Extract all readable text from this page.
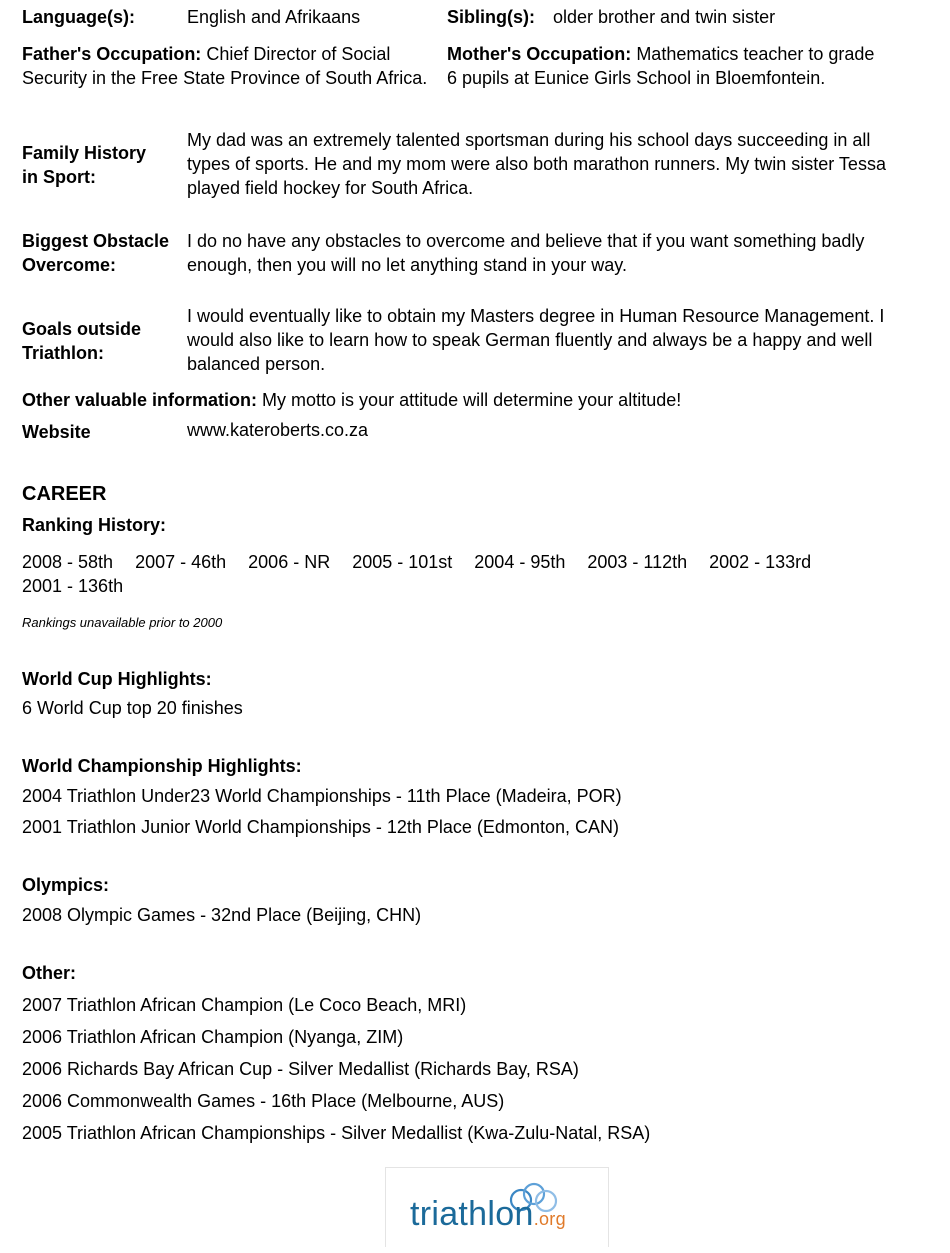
Language(s):	English and Afrikaans	Sibling(s): older brother and twin sister
Father's Occupation: Chief Director of Social Security in the Free State Province of South Africa.
Mother's Occupation: Mathematics teacher to grade 6 pupils at Eunice Girls School in Bloemfontein.
Family History
in Sport:
My dad was an extremely talented sportsman during his school days succeeding in all types of sports. He and my mom were also both marathon runners. My twin sister Tessa played field hockey for South Africa.
Biggest Obstacle
Overcome:
I do no have any obstacles to overcome and believe that if you want something badly enough, then you will no let anything stand in your way.
Goals outside
Triathlon:
I would eventually like to obtain my Masters degree in Human Resource Management. I would also like to learn how to speak German fluently and always be a happy and well balanced person.
Other valuable information: My motto is your attitude will determine your altitude!
Website	www.kateroberts.co.za
CAREER
Ranking History:
2008 - 58th 2007 - 46th 2006 - NR 2005 - 101st 2004 - 95th 2003 - 112th 2002 - 133rd
2001 - 136th
Rankings unavailable prior to 2000
World Cup Highlights:
6 World Cup top 20 finishes
World Championship Highlights:
2004 Triathlon Under23 World Championships - 11th Place (Madeira, POR)
2001 Triathlon Junior World Championships - 12th Place (Edmonton, CAN)
Olympics:
2008 Olympic Games - 32nd Place (Beijing, CHN)
Other:
2007 Triathlon African Champion (Le Coco Beach, MRI)
2006 Triathlon African Champion (Nyanga, ZIM)
2006 Richards Bay African Cup - Silver Medallist (Richards Bay, RSA)
2006 Commonwealth Games - 16th Place (Melbourne, AUS)
2005 Triathlon African Championships - Silver Medallist (Kwa-Zulu-Natal, RSA)
triathlon.org
